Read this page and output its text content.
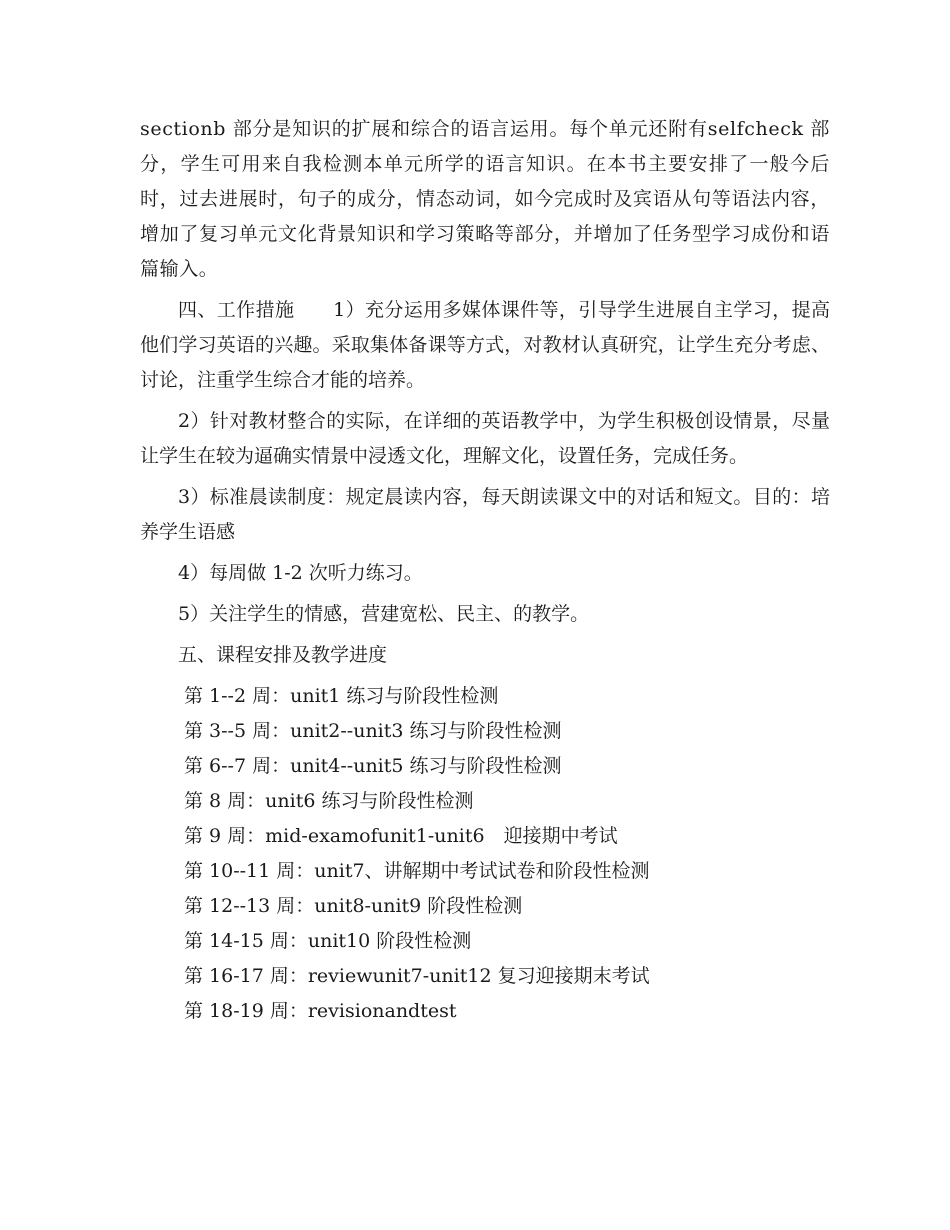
sectionb 部分是知识的扩展和综合的语言运用。每个单元还附有selfcheck 部分，学生可用来自我检测本单元所学的语言知识。在本书主要安排了一般今后时，过去进展时，句子的成分，情态动词，如今完成时及宾语从句等语法内容，增加了复习单元文化背景知识和学习策略等部分，并增加了任务型学习成份和语篇输入。

四、工作措施　　1）充分运用多媒体课件等，引导学生进展自主学习，提高他们学习英语的兴趣。采取集体备课等方式，对教材认真研究，让学生充分考虑、讨论，注重学生综合才能的培养。

2）针对教材整合的实际，在详细的英语教学中，为学生积极创设情景，尽量让学生在较为逼确实情景中浸透文化，理解文化，设置任务，完成任务。

3）标准晨读制度：规定晨读内容，每天朗读课文中的对话和短文。目的：培养学生语感

4）每周做 1-2 次听力练习。

5）关注学生的情感，营建宽松、民主、的教学。

五、课程安排及教学进度

第 1--2 周：unit1 练习与阶段性检测
第 3--5 周：unit2--unit3 练习与阶段性检测
第 6--7 周：unit4--unit5 练习与阶段性检测
第 8 周：unit6 练习与阶段性检测
第 9 周：mid-examofunit1-unit6　迎接期中考试
第 10--11 周：unit7、讲解期中考试试卷和阶段性检测
第 12--13 周：unit8-unit9 阶段性检测
第 14-15 周：unit10 阶段性检测
第 16-17 周：reviewunit7-unit12 复习迎接期末考试
第 18-19 周：revisionandtest
